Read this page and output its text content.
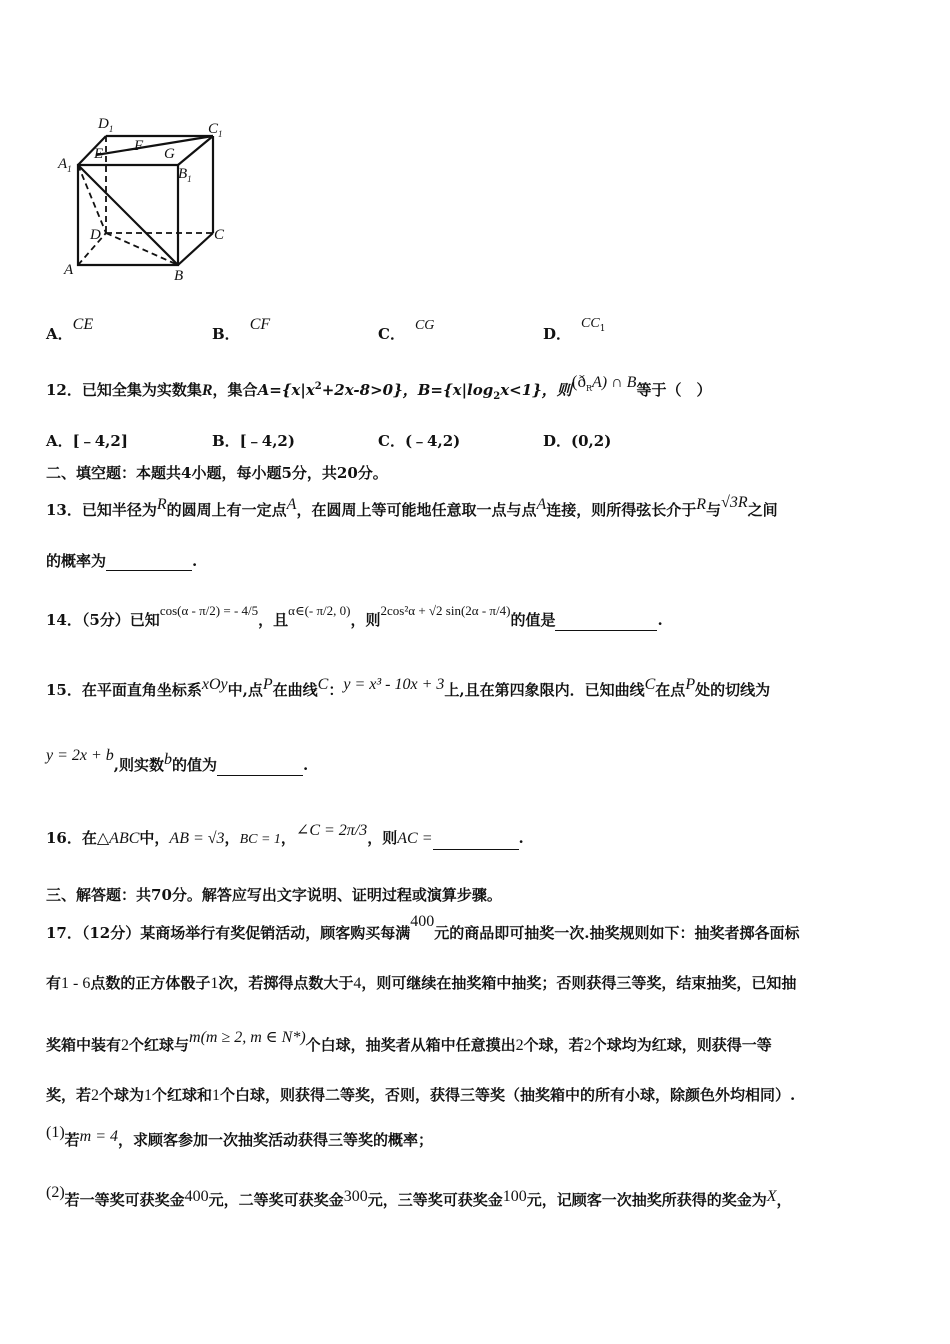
$D_1$	$C_1$
$A_1$
E F G
$B_1$
D	C
A	B
A．CE
B．CF
C． CG	D．$CC^1$
12．已知全集为实数集R，集合$A=\{x|x^2+2x-8>0\}$，$B=\{x|\log_2x<1\}$，则$(ð^RA)$ ∩ B等于（　）
A．[﹣4,2]	B．[﹣4,2)	C．(﹣4,2)	D．(0,2)
二、填空题：本题共4小题，每小题5分，共20分。
13．已知半径为R的圆周上有一定点A，在圆周上等可能地任意取一点与点A连接，则所得弦长介于R与√3R之间
的概率为	.
14．（5分）已知cos(α - π/2) = - 4/5，且α∈(- π/2, 0)，则2cos²α + √2 sin(2α - π/4)的值是	.
15．在平面直角坐标系xOy中,点P在曲线C：y = x³ - 10x + 3上,且在第四象限内．已知曲线C在点P处的切线为
y = 2x + b,则实数b的值为	.
16．在△ABC中，AB = √3，BC = 1，∠C = 2π/3，则AC =	.
三、解答题：共70分。解答应写出文字说明、证明过程或演算步骤。
17．（12分）某商场举行有奖促销活动，顾客购买每满400元的商品即可抽奖一次.抽奖规则如下：抽奖者掷各面标
有1 - 6点数的正方体骰子1次，若掷得点数大于4，则可继续在抽奖箱中抽奖；否则获得三等奖，结束抽奖，已知抽
奖箱中装有2个红球与m(m ≥ 2, m ∈ N*)个白球，抽奖者从箱中任意摸出2个球，若2个球均为红球，则获得一等
奖，若2个球为1个红球和1个白球，则获得二等奖，否则，获得三等奖（抽奖箱中的所有小球，除颜色外均相同）.
(1)若m = 4，求顾客参加一次抽奖活动获得三等奖的概率；
(2)若一等奖可获奖金400元，二等奖可获奖金300元，三等奖可获奖金100元，记顾客一次抽奖所获得的奖金为X，
